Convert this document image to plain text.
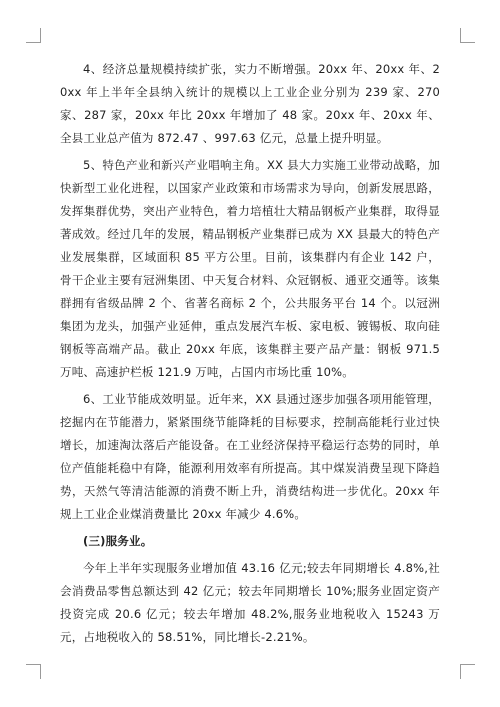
4、经济总量规模持续扩张，实力不断增强。20xx 年、20xx 年、20xx 年上半年全县纳入统计的规模以上工业企业分别为 239 家、270 家、287 家，20xx 年比 20xx 年增加了 48 家。20xx 年、20xx 年、全县工业总产值为 872.47 、997.63 亿元，总量上提升明显。

5、特色产业和新兴产业唱响主角。XX 县大力实施工业带动战略，加快新型工业化进程，以国家产业政策和市场需求为导向，创新发展思路，发挥集群优势，突出产业特色，着力培植壮大精品钢板产业集群，取得显著成效。经过几年的发展，精品钢板产业集群已成为 XX 县最大的特色产业发展集群，区域面积 85 平方公里。目前，该集群内有企业 142 户，骨干企业主要有冠洲集团、中天复合材料、众冠钢板、通亚交通等。该集群拥有省级品牌 2 个、省著名商标 2 个，公共服务平台 14 个。以冠洲集团为龙头，加强产业延伸，重点发展汽车板、家电板、镀锡板、取向硅钢板等高端产品。截止 20xx 年底，该集群主要产品产量：钢板 971.5 万吨、高速护栏板 121.9 万吨，占国内市场比重 10%。

6、工业节能成效明显。近年来，XX 县通过逐步加强各项用能管理，挖掘内在节能潜力，紧紧围绕节能降耗的目标要求，控制高能耗行业过快增长，加速淘汰落后产能设备。在工业经济保持平稳运行态势的同时，单位产值能耗稳中有降，能源利用效率有所提高。其中煤炭消费呈现下降趋势，天然气等清洁能源的消费不断上升，消费结构进一步优化。20xx 年规上工业企业煤消费量比 20xx 年减少 4.6%。

(三)服务业。

今年上半年实现服务业增加值 43.16 亿元;较去年同期增长 4.8%,社会消费品零售总额达到 42 亿元；较去年同期增长 10%;服务业固定资产投资完成 20.6 亿元；较去年增加 48.2%,服务业地税收入 15243 万元，占地税收入的 58.51%，同比增长-2.21%。
